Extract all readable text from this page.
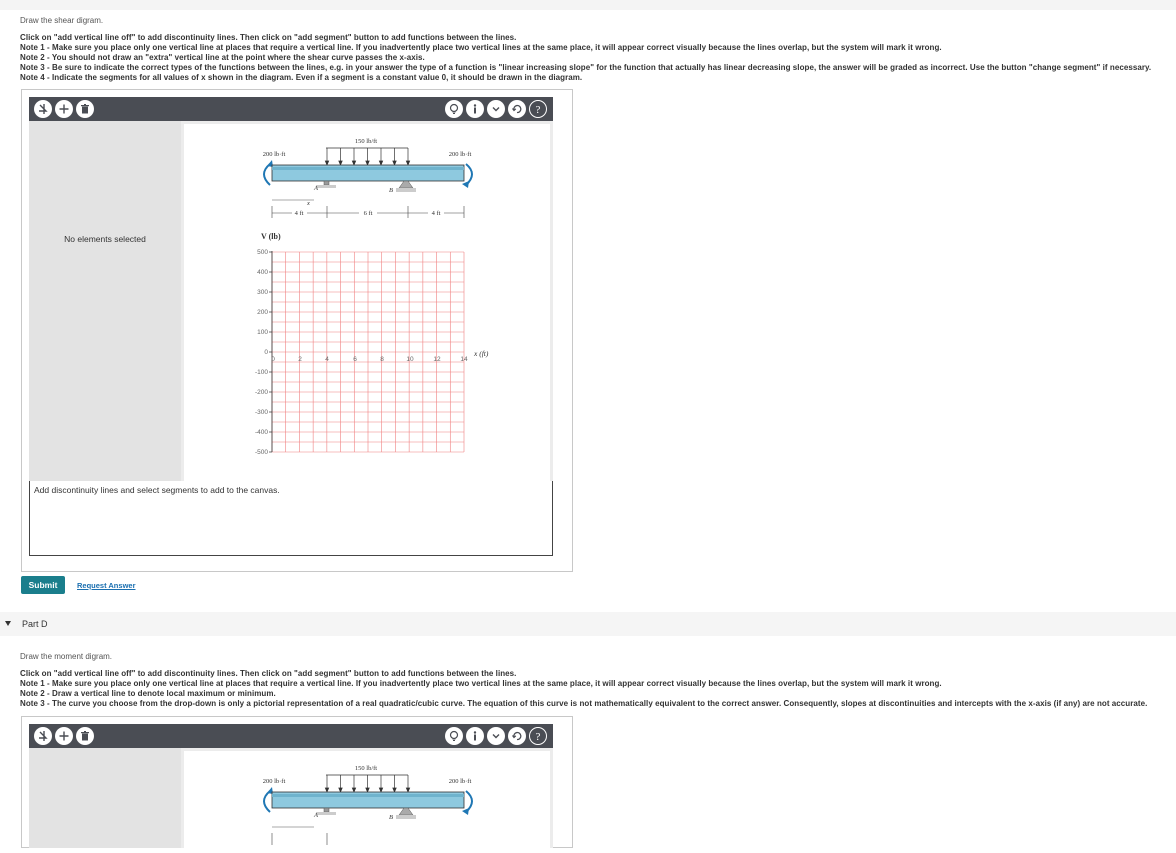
Draw the shear digram.
Click on "add vertical line off" to add discontinuity lines. Then click on "add segment" button to add functions between the lines.
Note 1 - Make sure you place only one vertical line at places that require a vertical line. If you inadvertently place two vertical lines at the same place, it will appear correct visually because the lines overlap, but the system will mark it wrong.
Note 2 - You should not draw an "extra" vertical line at the point where the shear curve passes the x-axis.
Note 3 - Be sure to indicate the correct types of the functions between the lines, e.g. in your answer the type of a function is "linear increasing slope" for the function that actually has linear decreasing slope, the answer will be graded as incorrect. Use the button "change segment" if necessary.
Note 4 - Indicate the segments for all values of x shown in the diagram. Even if a segment is a constant value 0, it should be drawn in the diagram.
?
No elements selected
150 lb/ft
200 lb·ft	200 lb·ft
A	B
x
4 ft	6 ft	4 ft
V (lb)
500
400
300
200
100
0
-100
-200
-300
-400
-500
0	2	4	6	8	10	12	14
x (ft)
Add discontinuity lines and select segments to add to the canvas.
Submit	Request Answer
Part D
Draw the moment digram.
Click on "add vertical line off" to add discontinuity lines. Then click on "add segment" button to add functions between the lines.
Note 1 - Make sure you place only one vertical line at places that require a vertical line. If you inadvertently place two vertical lines at the same place, it will appear correct visually because the lines overlap, but the system will mark it wrong.
Note 2 - Draw a vertical line to denote local maximum or minimum.
Note 3 - The curve you choose from the drop-down is only a pictorial representation of a real quadratic/cubic curve. The equation of this curve is not mathematically equivalent to the correct answer. Consequently, slopes at discontinuities and intercepts with the x-axis (if any) are not accurate.
?
150 lb/ft
200 lb·ft	200 lb·ft
A	B
